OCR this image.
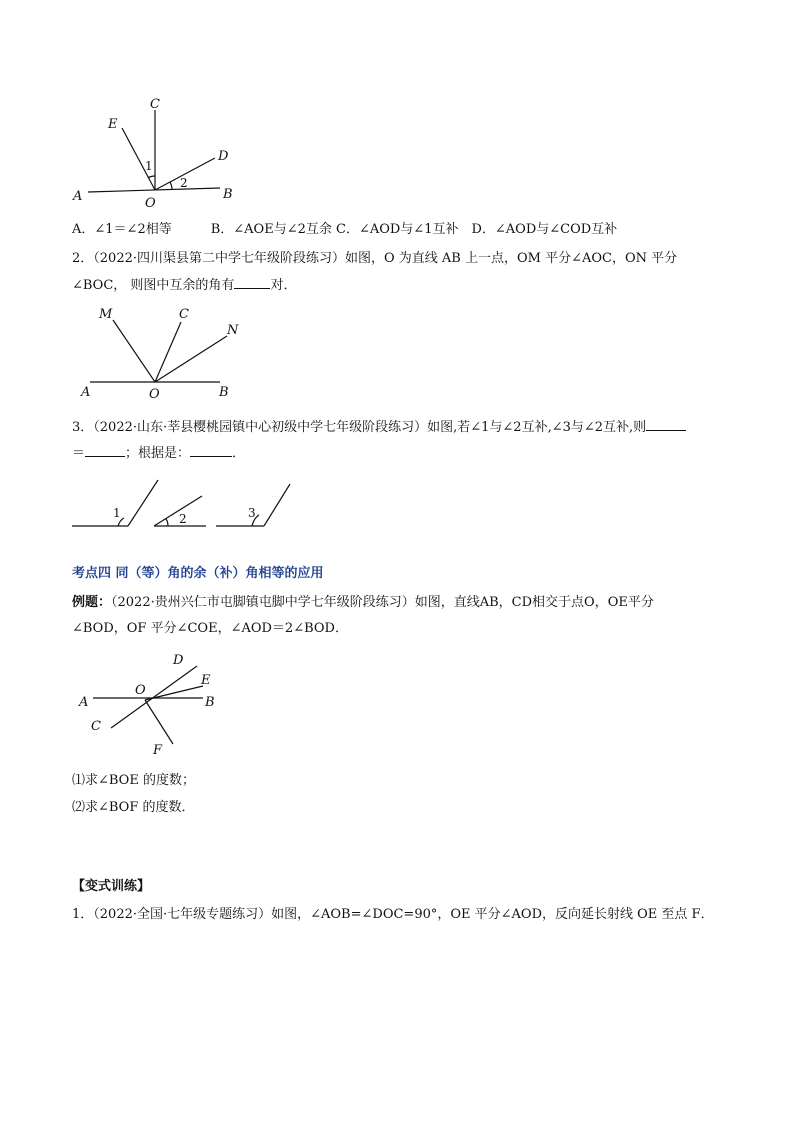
C
E
D
A	O
B
1
2
A．∠1＝∠2相等　　　B．∠AOE与∠2互余 C．∠AOD与∠1互补　D．∠AOD与∠COD互补
2．（2022·四川渠县第二中学七年级阶段练习）如图，O 为直线 AB 上一点，OM 平分∠AOC，ON 平分
∠BOC， 则图中互余的角有	对．
M	C
N
A	O	B
3．（2022·山东·莘县樱桃园镇中心初级中学七年级阶段练习）如图,若∠1与∠2互补,∠3与∠2互补,则
＝	；根据是：	．
1	2	3
考点四 同（等）角的余（补）角相等的应用
例题：（2022·贵州兴仁市屯脚镇屯脚中学七年级阶段练习）如图，直线AB，CD相交于点O，OE平分
∠BOD，OF 平分∠COE，∠AOD＝2∠BOD．
D
E
O
A	B
C
F
⑴求∠BOE 的度数；
⑵求∠BOF 的度数．
【变式训练】
1．（2022·全国·七年级专题练习）如图，∠AOB=∠DOC=90°，OE 平分∠AOD，反向延长射线 OE 至点 F．
